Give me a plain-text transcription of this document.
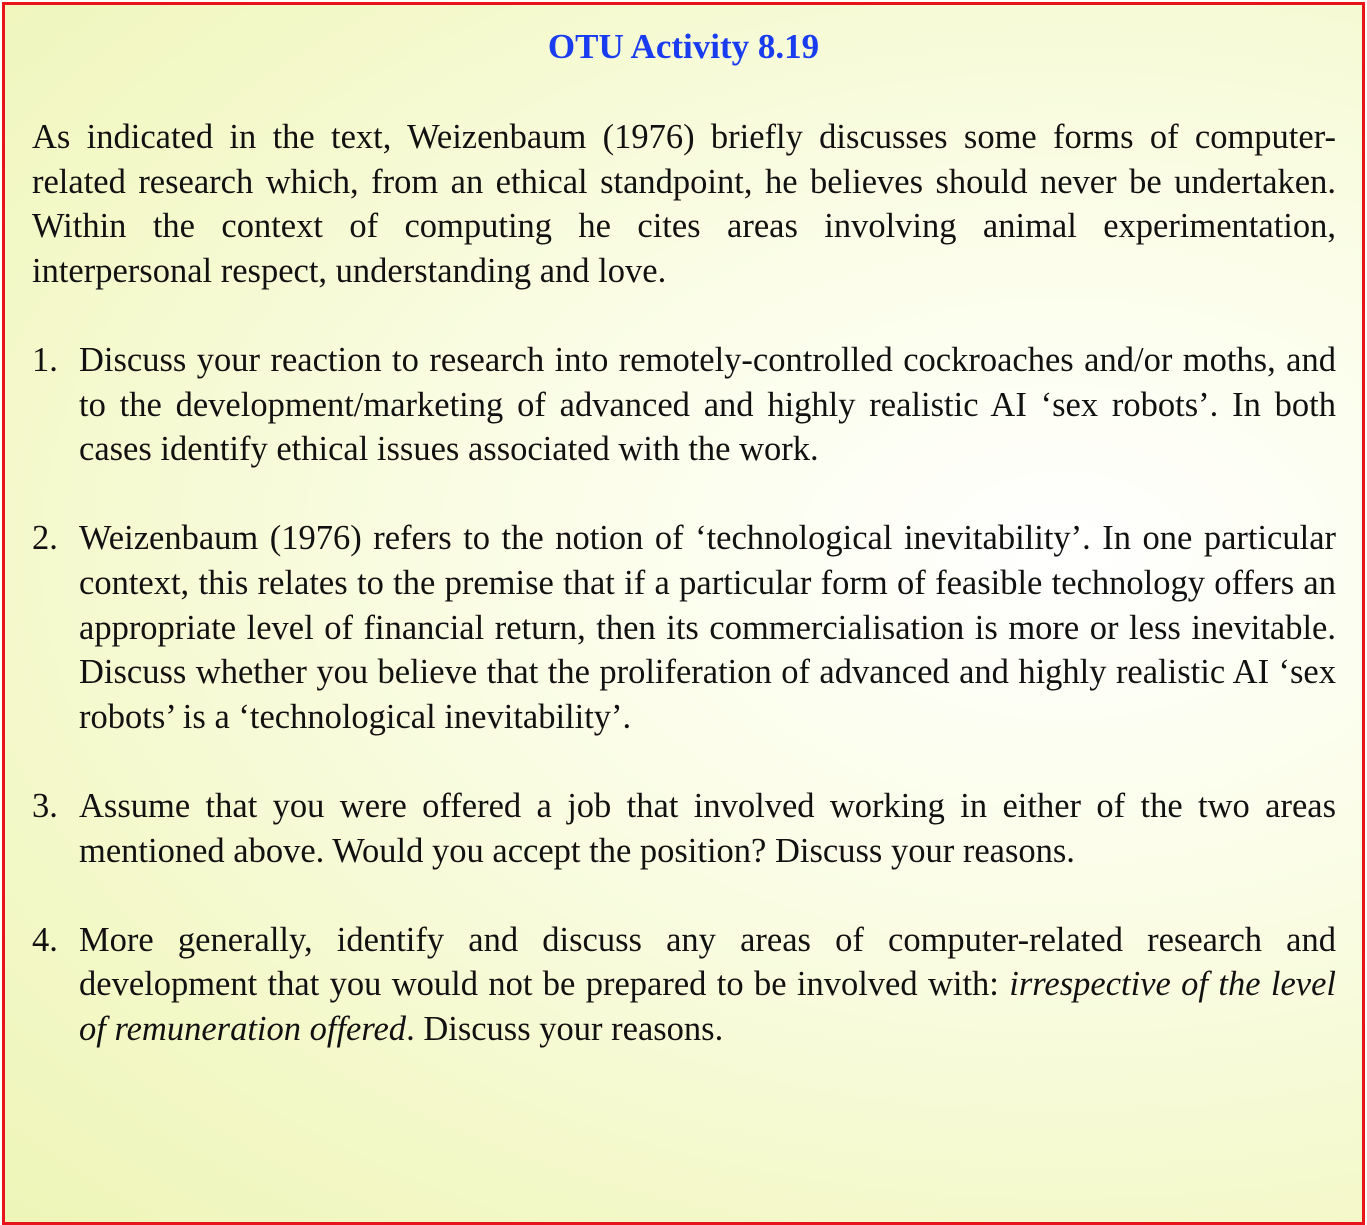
OTU Activity 8.19

As indicated in the text, Weizenbaum (1976) briefly discusses some forms of computer-related research which, from an ethical standpoint, he believes should never be undertaken. Within the context of computing he cites areas involving animal experimentation, interpersonal respect, understanding and love.

1. Discuss your reaction to research into remotely-controlled cockroaches and/or moths, and to the development/marketing of advanced and highly realistic AI ‘sex robots’. In both cases identify ethical issues associated with the work.

2. Weizenbaum (1976) refers to the notion of ‘technological inevitability’. In one particular context, this relates to the premise that if a particular form of feasible technology offers an appropriate level of financial return, then its commercialisation is more or less inevitable. Discuss whether you believe that the proliferation of advanced and highly realistic AI ‘sex robots’ is a ‘technological inevitability’.

3. Assume that you were offered a job that involved working in either of the two areas mentioned above. Would you accept the position? Discuss your reasons.

4. More generally, identify and discuss any areas of computer-related research and development that you would not be prepared to be involved with: irrespective of the level of remuneration offered. Discuss your reasons.
